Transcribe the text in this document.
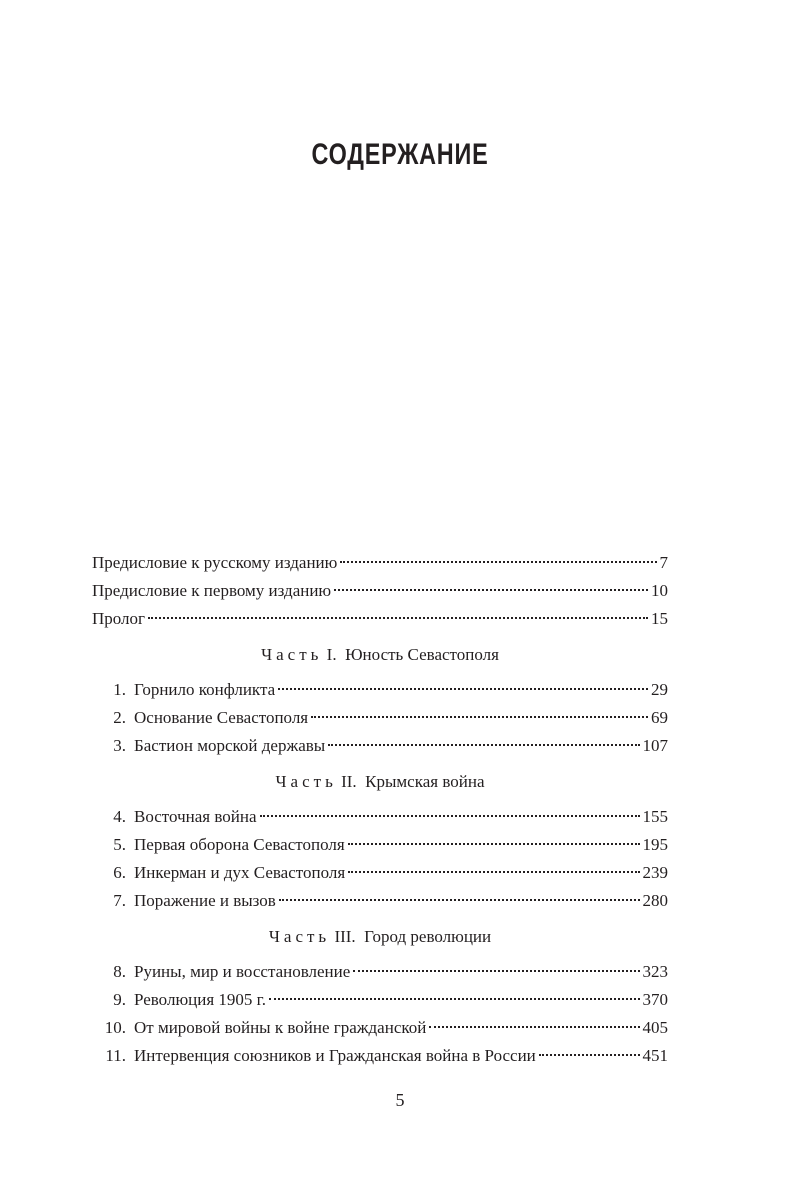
СОДЕРЖАНИЕ
Предисловие к русскому изданию	7
Предисловие к первому изданию	10
Пролог	15
Часть I. Юность Севастополя
1. Горнило конфликта	29
2. Основание Севастополя	69
3. Бастион морской державы	107
Часть II. Крымская война
4. Восточная война	155
5. Первая оборона Севастополя	195
6. Инкерман и дух Севастополя	239
7. Поражение и вызов	280
Часть III. Город революции
8. Руины, мир и восстановление	323
9. Революция 1905 г.	370
10. От мировой войны к войне гражданской	405
11. Интервенция союзников и Гражданская война в России	451
5
